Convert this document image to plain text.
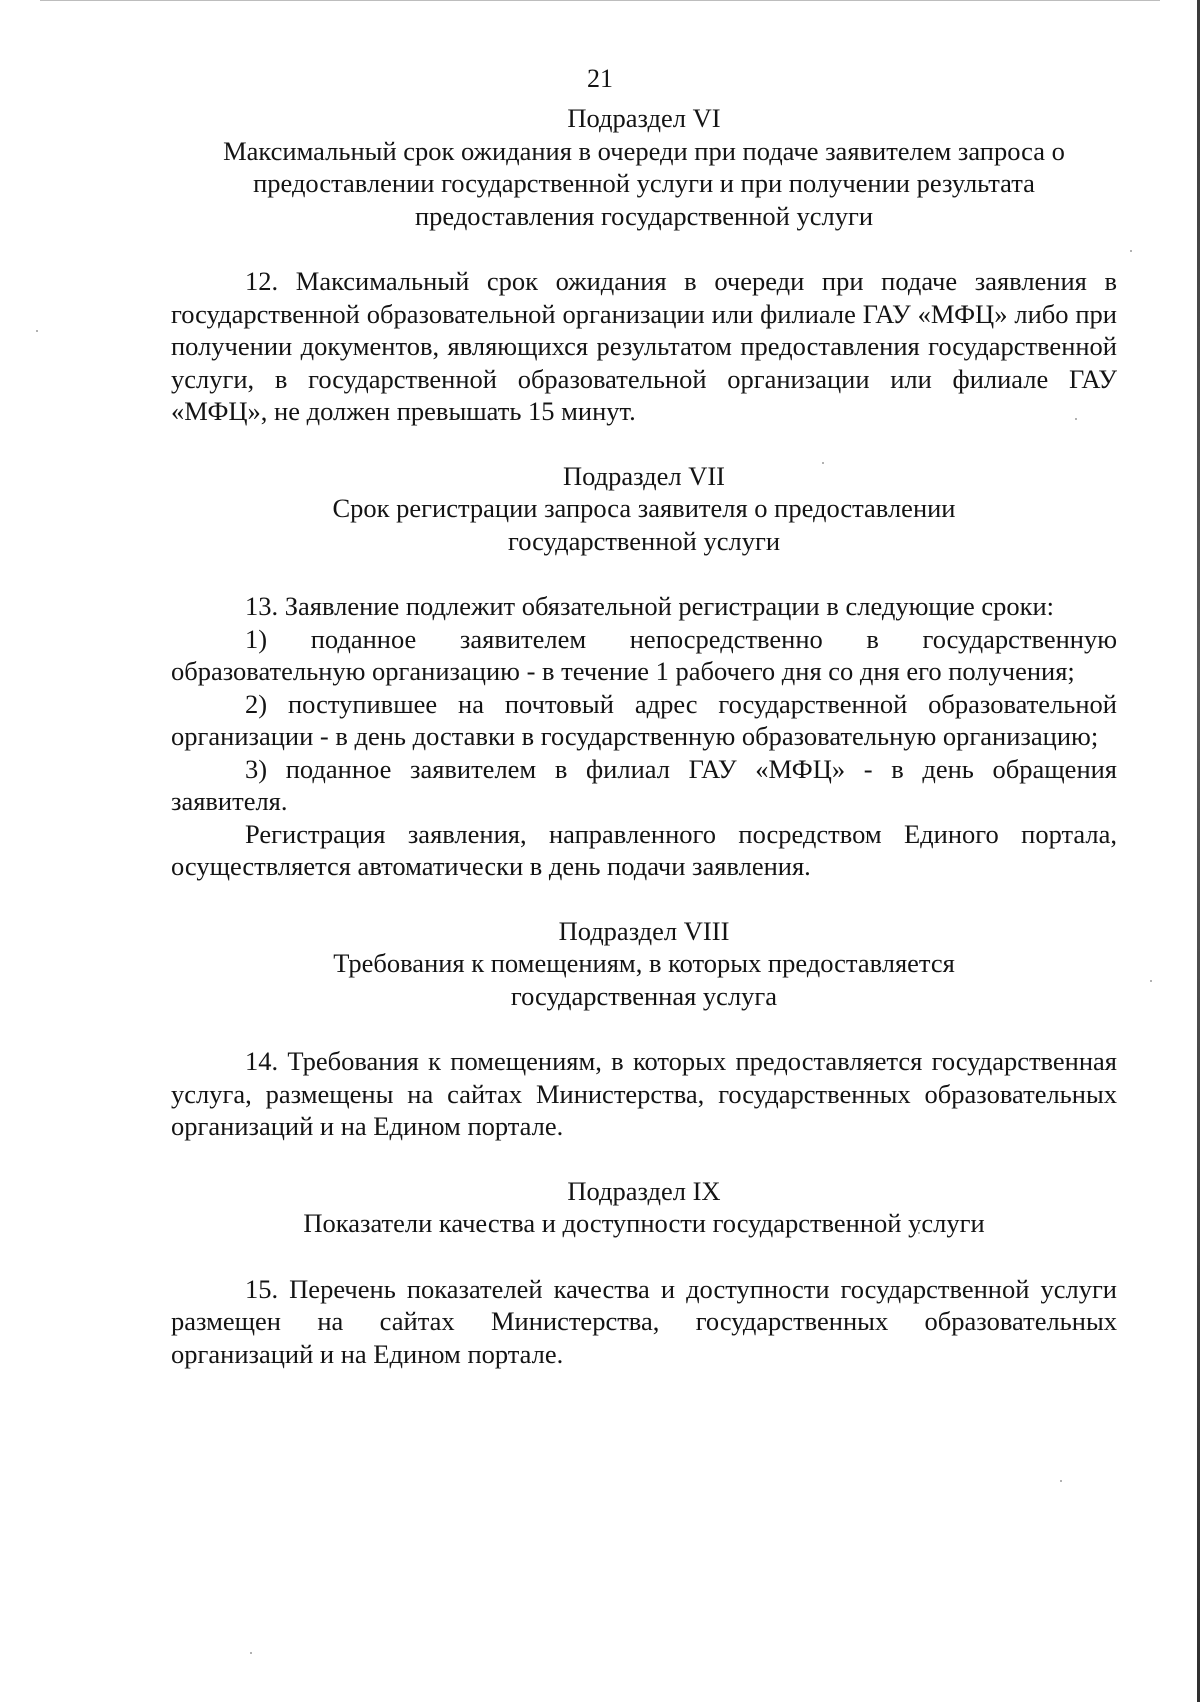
21

Подраздел VI

Максимальный срок ожидания в очереди при подаче заявителем запроса о

предоставлении государственной услуги и при получении результата

предоставления государственной услуги

12. Максимальный срок ожидания в очереди при подаче заявления в государственной образовательной организации или филиале ГАУ «МФЦ» либо при получении документов, являющихся результатом предоставления государственной услуги, в государственной образовательной организации или филиале ГАУ «МФЦ», не должен превышать 15 минут.

Подраздел VII

Срок регистрации запроса заявителя о предоставлении

государственной услуги

13. Заявление подлежит обязательной регистрации в следующие сроки:

1) поданное заявителем непосредственно в государственную образовательную организацию - в течение 1 рабочего дня со дня его получения;

2) поступившее на почтовый адрес государственной образовательной организации - в день доставки в государственную образовательную организацию;

3) поданное заявителем в филиал ГАУ «МФЦ» - в день обращения заявителя.

Регистрация заявления, направленного посредством Единого портала, осуществляется автоматически в день подачи заявления.

Подраздел VIII

Требования к помещениям, в которых предоставляется

государственная услуга

14. Требования к помещениям, в которых предоставляется государственная услуга, размещены на сайтах Министерства, государственных образовательных организаций и на Едином портале.

Подраздел IX

Показатели качества и доступности государственной услуги

15. Перечень показателей качества и доступности государственной услуги размещен на сайтах Министерства, государственных образовательных организаций и на Едином портале.
